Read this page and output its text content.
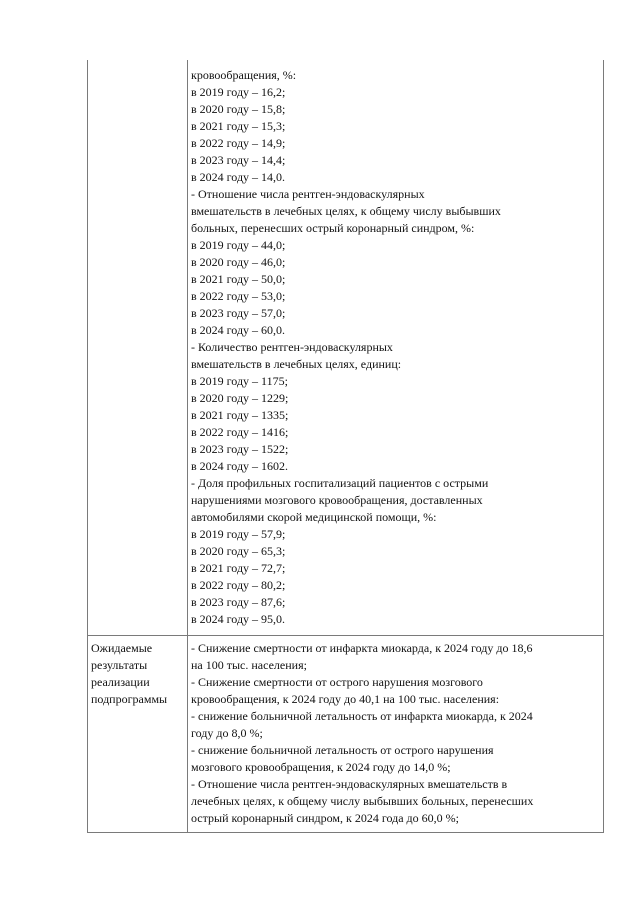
кровообращения, %:
в 2019 году – 16,2;
в 2020 году – 15,8;
в 2021 году – 15,3;
в 2022 году – 14,9;
в 2023 году – 14,4;
в 2024 году – 14,0.
- Отношение числа рентген-эндоваскулярных
вмешательств в лечебных целях, к общему числу выбывших
больных, перенесших острый коронарный синдром, %:
в 2019 году – 44,0;
в 2020 году – 46,0;
в 2021 году – 50,0;
в 2022 году – 53,0;
в 2023 году – 57,0;
в 2024 году – 60,0.
- Количество рентген-эндоваскулярных
вмешательств в лечебных целях, единиц:
в 2019 году – 1175;
в 2020 году – 1229;
в 2021 году – 1335;
в 2022 году – 1416;
в 2023 году – 1522;
в 2024 году – 1602.
- Доля профильных госпитализаций пациентов с острыми
нарушениями мозгового кровообращения, доставленных
автомобилями скорой медицинской помощи, %:
в 2019 году – 57,9;
в 2020 году – 65,3;
в 2021 году – 72,7;
в 2022 году – 80,2;
в 2023 году – 87,6;
в 2024 году – 95,0.
Ожидаемые
результаты
реализации
подпрограммы
- Снижение смертности от инфаркта миокарда, к 2024 году до 18,6
на 100 тыс. населения;
- Снижение смертности от острого нарушения мозгового
кровообращения, к 2024 году до 40,1 на 100 тыс. населения:
- снижение больничной летальность от инфаркта миокарда, к 2024
году до 8,0 %;
- снижение больничной летальность от острого нарушения
мозгового кровообращения, к 2024 году до 14,0 %;
- Отношение числа рентген-эндоваскулярных вмешательств в
лечебных целях, к общему числу выбывших больных, перенесших
острый коронарный синдром, к 2024 года до 60,0 %;
